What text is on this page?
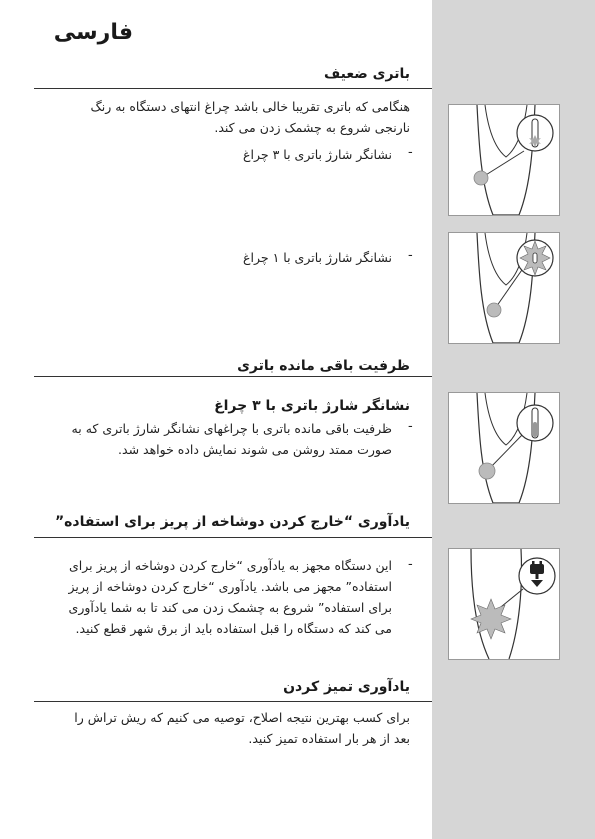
فارسی
باتری ضعیف
هنگامی که باتری تقریبا خالی باشد چراغ انتهای دستگاه به رنگ
نارنجی شروع به چشمک زدن می کند.
-
نشانگر شارژ باتری با ۳ چراغ
-
نشانگر شارژ باتری با ۱ چراغ
ظرفیت باقی مانده باتری
نشانگر شارژ باتری با ۳ چراغ
-
ظرفیت باقی مانده باتری با چراغهای نشانگر شارژ باتری که به
صورت ممتد روشن می شوند نمایش داده خواهد شد.
یادآوری “خارج کردن دوشاخه از پریز برای استفاده”
-
این دستگاه مجهز به یادآوری “خارج کردن دوشاخه از پریز برای
استفاده” مجهز می باشد. یادآوری “خارج کردن دوشاخه از پریز
برای استفاده” شروع به چشمک زدن می کند تا به شما یادآوری
می کند که دستگاه را قبل استفاده باید از برق شهر قطع کنید.
یادآوری تمیز کردن
برای کسب بهترین نتیجه اصلاح، توصیه می کنیم که ریش تراش را
بعد از هر بار استفاده تمیز کنید.
